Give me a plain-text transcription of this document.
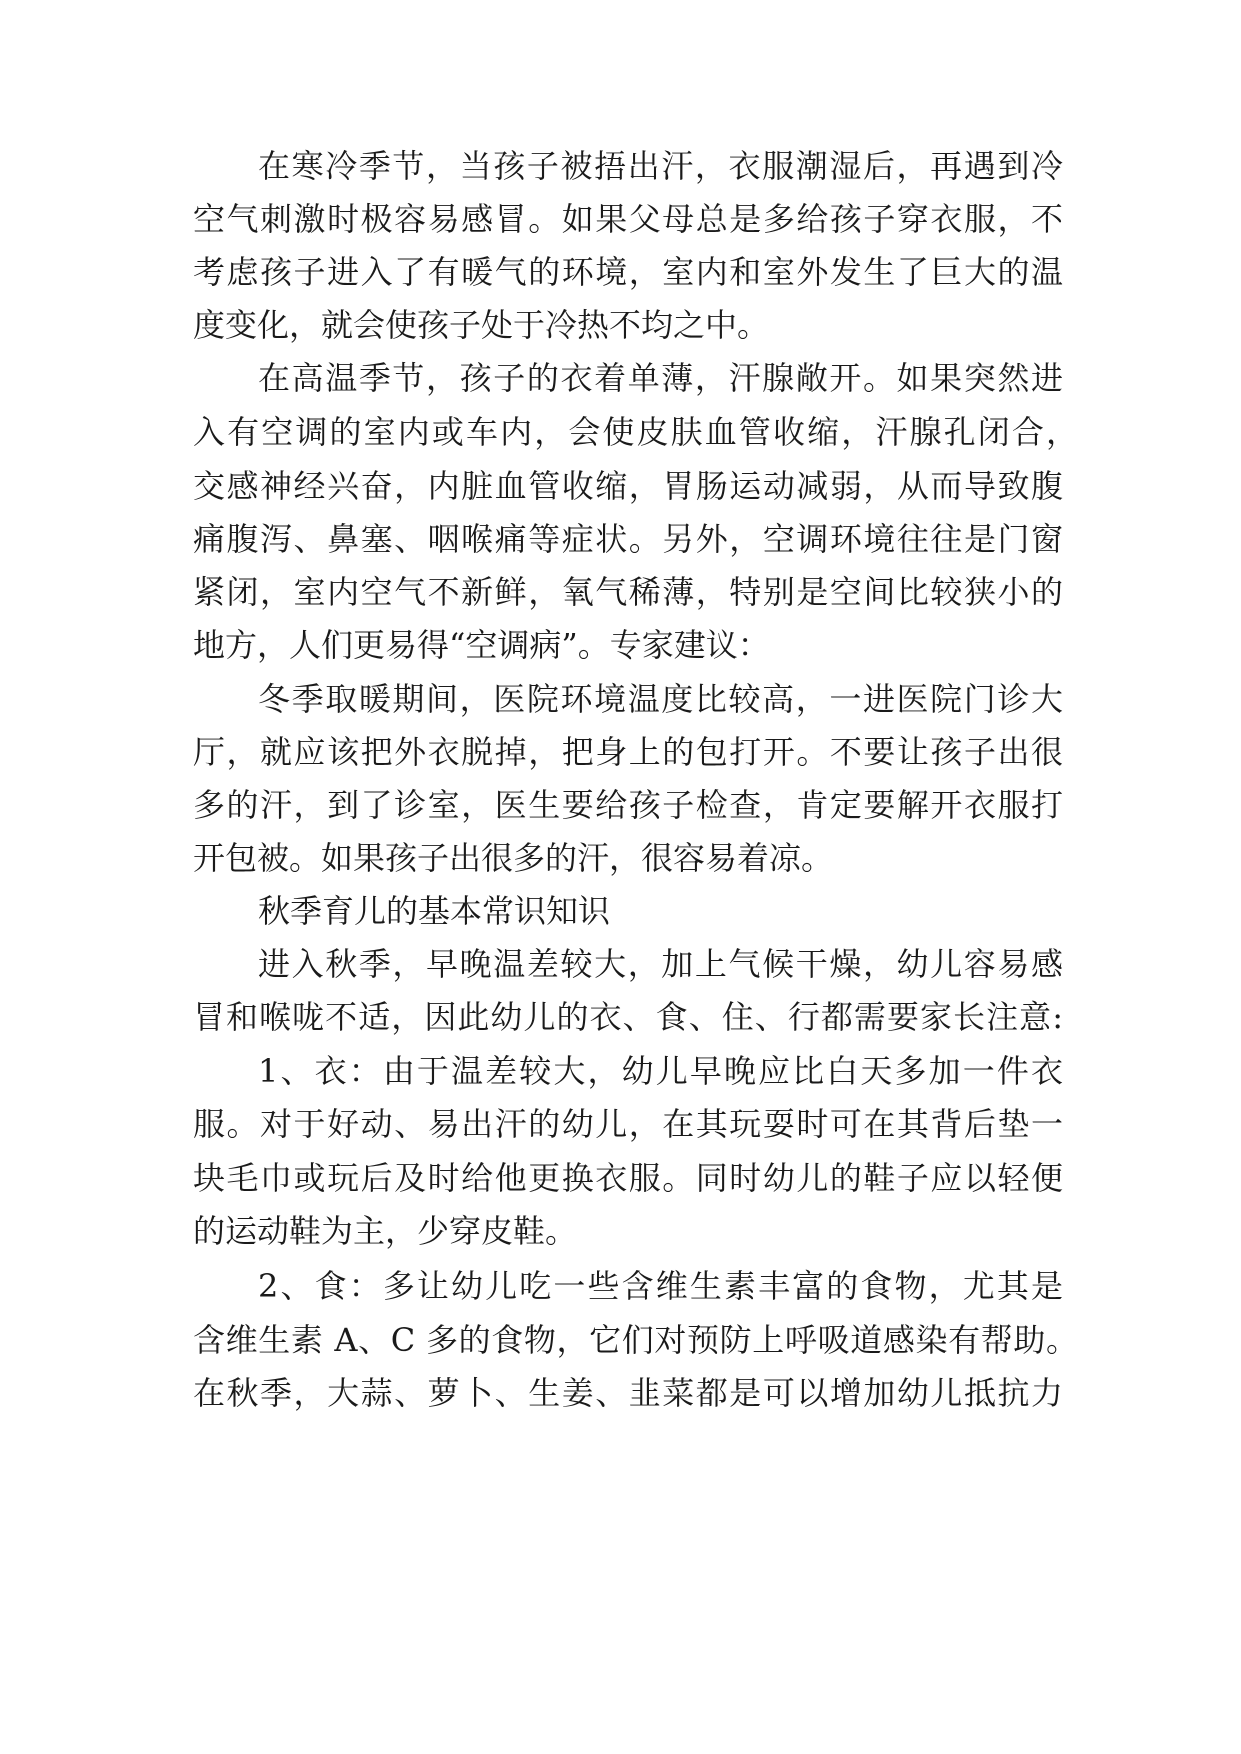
在寒冷季节，当孩子被捂出汗，衣服潮湿后，再遇到冷
空气刺激时极容易感冒。如果父母总是多给孩子穿衣服，不
考虑孩子进入了有暖气的环境，室内和室外发生了巨大的温
度变化，就会使孩子处于冷热不均之中。
在高温季节，孩子的衣着单薄，汗腺敞开。如果突然进
入有空调的室内或车内，会使皮肤血管收缩，汗腺孔闭合，
交感神经兴奋，内脏血管收缩，胃肠运动减弱，从而导致腹
痛腹泻、鼻塞、咽喉痛等症状。另外，空调环境往往是门窗
紧闭，室内空气不新鲜，氧气稀薄，特别是空间比较狭小的
地方，人们更易得“空调病”。专家建议：
冬季取暖期间，医院环境温度比较高，一进医院门诊大
厅，就应该把外衣脱掉，把身上的包打开。不要让孩子出很
多的汗，到了诊室，医生要给孩子检查，肯定要解开衣服打
开包被。如果孩子出很多的汗，很容易着凉。
秋季育儿的基本常识知识
进入秋季，早晚温差较大，加上气候干燥，幼儿容易感
冒和喉咙不适，因此幼儿的衣、食、住、行都需要家长注意:
1、衣：由于温差较大，幼儿早晚应比白天多加一件衣
服。对于好动、易出汗的幼儿，在其玩耍时可在其背后垫一
块毛巾或玩后及时给他更换衣服。同时幼儿的鞋子应以轻便
的运动鞋为主，少穿皮鞋。
2、食：多让幼儿吃一些含维生素丰富的食物，尤其是
含维生素 A、C 多的食物，它们对预防上呼吸道感染有帮助。
在秋季，大蒜、萝卜、生姜、韭菜都是可以增加幼儿抵抗力
